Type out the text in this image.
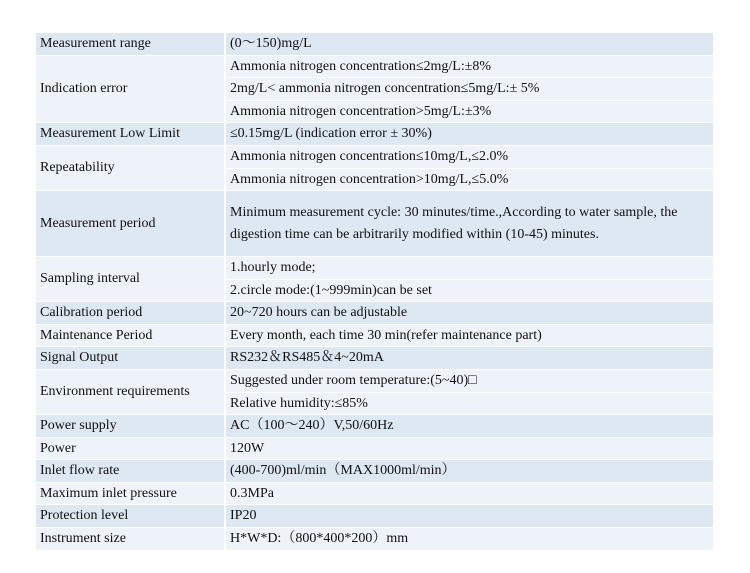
Measurement range	(0～150)mg/L
Indication error	Ammonia nitrogen concentration≤2mg/L:±8%
	2mg/L< ammonia nitrogen concentration≤5mg/L:± 5%
	Ammonia nitrogen concentration>5mg/L:±3%
Measurement Low Limit	≤0.15mg/L (indication error ± 30%)
Repeatability	Ammonia nitrogen concentration≤10mg/L,≤2.0%
	Ammonia nitrogen concentration>10mg/L,≤5.0%
Measurement period	Minimum measurement cycle: 30 minutes/time.,According to water sample, the digestion time can be arbitrarily modified within (10-45) minutes.
Sampling interval	1.hourly mode;
	2.circle mode:(1~999min)can be set
Calibration period	20~720 hours can be adjustable
Maintenance Period	Every month, each time 30 min(refer maintenance part)
Signal Output	RS232＆RS485＆4~20mA
Environment requirements	Suggested under room temperature:(5~40)□
	Relative humidity:≤85%
Power supply	AC（100～240）V,50/60Hz
Power	120W
Inlet flow rate	(400-700)ml/min（MAX1000ml/min）
Maximum inlet pressure	0.3MPa
Protection level	IP20
Instrument size	H*W*D:（800*400*200）mm
